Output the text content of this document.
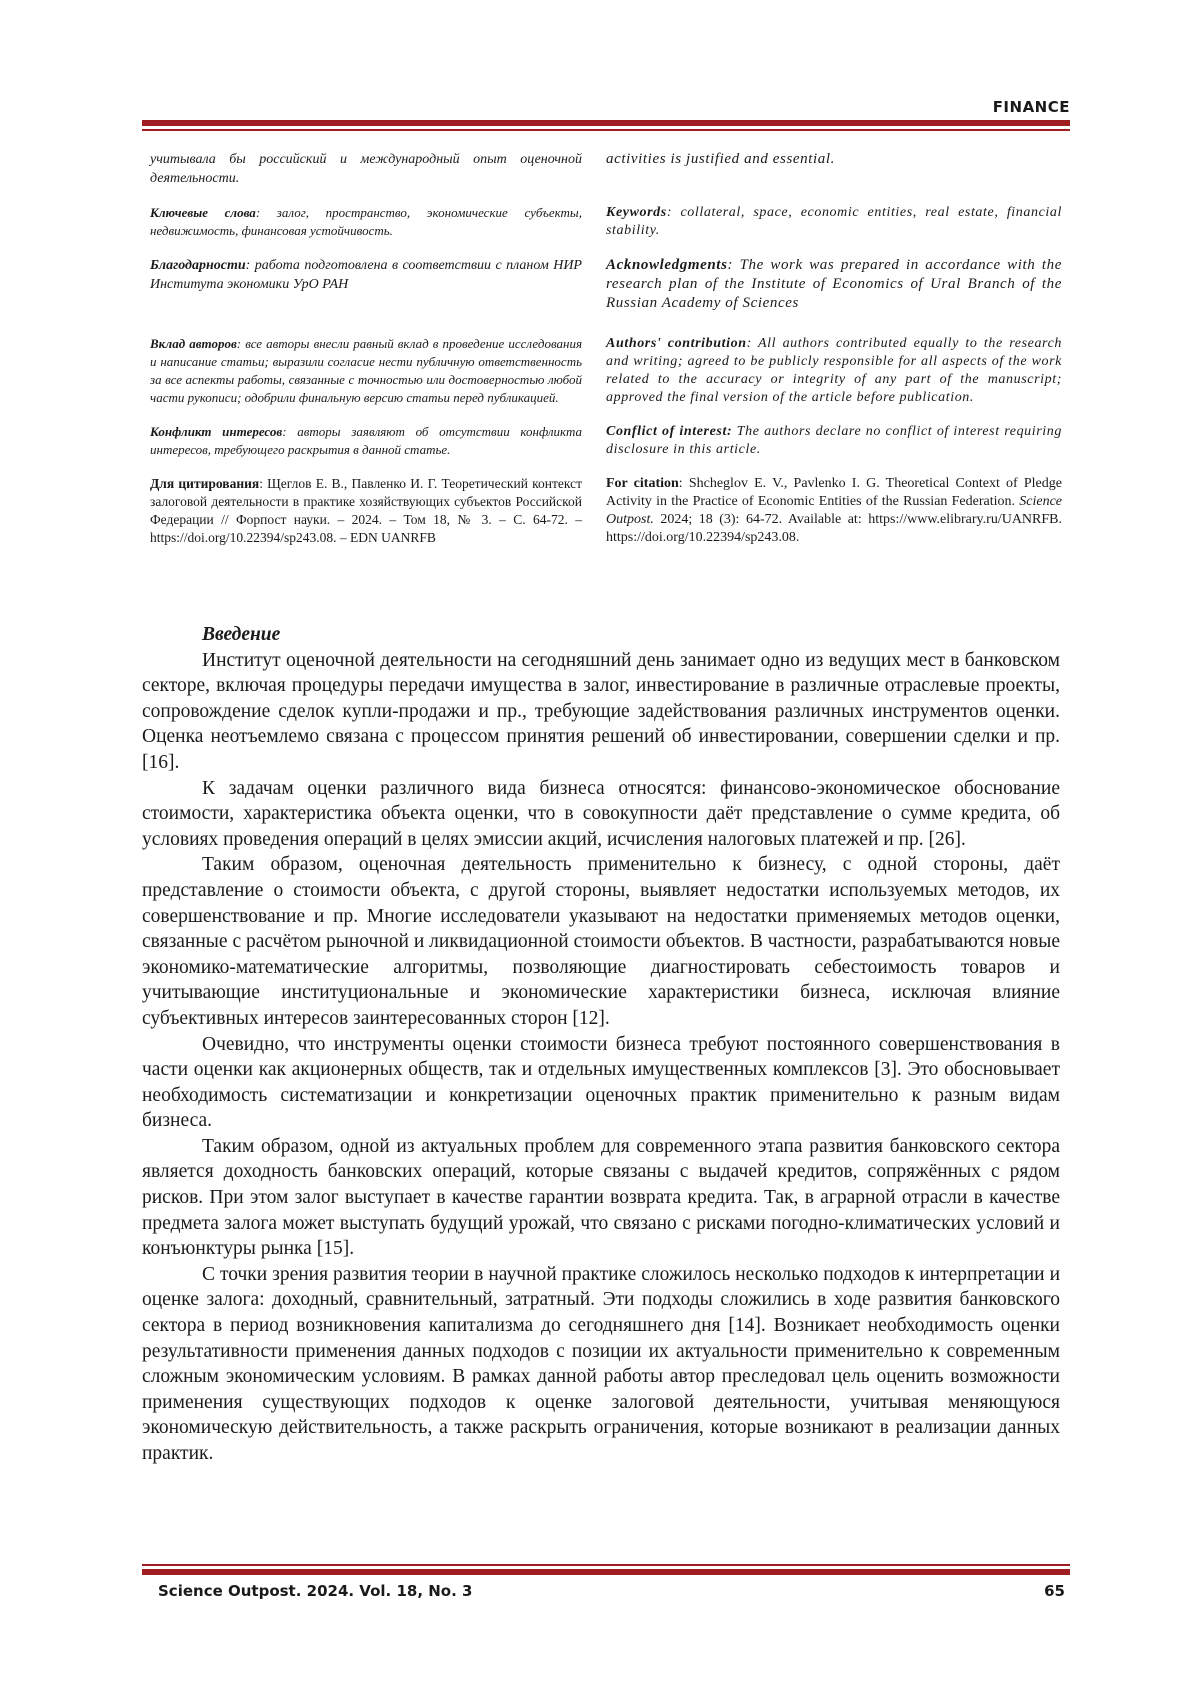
FINANCE
учитывала бы российский и международный опыт оценочной деятельности.
activities is justified and essential.
Ключевые слова: залог, пространство, экономические субъекты, недвижимость, финансовая устойчивость.
Keywords: collateral, space, economic entities, real estate, financial stability.
Благодарности: работа подготовлена в соответствии с планом НИР Института экономики УрО РАН
Acknowledgments: The work was prepared in accordance with the research plan of the Institute of Economics of Ural Branch of the Russian Academy of Sciences
Вклад авторов: все авторы внесли равный вклад в проведение исследования и написание статьи; выразили согласие нести публичную ответственность за все аспекты работы, связанные с точностью или достоверностью любой части рукописи; одобрили финальную версию статьи перед публикацией.
Authors' contribution: All authors contributed equally to the research and writing; agreed to be publicly responsible for all aspects of the work related to the accuracy or integrity of any part of the manuscript; approved the final version of the article before publication.
Конфликт интересов: авторы заявляют об отсутствии конфликта интересов, требующего раскрытия в данной статье.
Conflict of interest: The authors declare no conflict of interest requiring disclosure in this article.
Для цитирования: Щеглов Е. В., Павленко И. Г. Теоретический контекст залоговой деятельности в практике хозяйствующих субъектов Российской Федерации // Форпост науки. – 2024. – Том 18, № 3. – С. 64-72. – https://doi.org/10.22394/sp243.08. – EDN UANRFB
For citation: Shcheglov E. V., Pavlenko I. G. Theoretical Context of Pledge Activity in the Practice of Economic Entities of the Russian Federation. Science Outpost. 2024; 18 (3): 64-72. Available at: https://www.elibrary.ru/UANRFB. https://doi.org/10.22394/sp243.08.
Введение

Институт оценочной деятельности на сегодняшний день занимает одно из ведущих мест в банковском секторе, включая процедуры передачи имущества в залог, инвестирование в различные отраслевые проекты, сопровождение сделок купли-продажи и пр., требующие задействования различных инструментов оценки. Оценка неотъемлемо связана с процессом принятия решений об инвестировании, совершении сделки и пр. [16].

К задачам оценки различного вида бизнеса относятся: финансово-экономическое обоснование стоимости, характеристика объекта оценки, что в совокупности даёт представление о сумме кредита, об условиях проведения операций в целях эмиссии акций, исчисления налоговых платежей и пр. [26].

Таким образом, оценочная деятельность применительно к бизнесу, с одной стороны, даёт представление о стоимости объекта, с другой стороны, выявляет недостатки используемых методов, их совершенствование и пр. Многие исследователи указывают на недостатки применяемых методов оценки, связанные с расчётом рыночной и ликвидационной стоимости объектов. В частности, разрабатываются новые экономико-математические алгоритмы, позволяющие диагностировать себестоимость товаров и учитывающие институциональные и экономические характеристики бизнеса, исключая влияние субъективных интересов заинтересованных сторон [12].

Очевидно, что инструменты оценки стоимости бизнеса требуют постоянного совершенствования в части оценки как акционерных обществ, так и отдельных имущественных комплексов [3]. Это обосновывает необходимость систематизации и конкретизации оценочных практик применительно к разным видам бизнеса.

Таким образом, одной из актуальных проблем для современного этапа развития банковского сектора является доходность банковских операций, которые связаны с выдачей кредитов, сопряжённых с рядом рисков. При этом залог выступает в качестве гарантии возврата кредита. Так, в аграрной отрасли в качестве предмета залога может выступать будущий урожай, что связано с рисками погодно-климатических условий и конъюнктуры рынка [15].

С точки зрения развития теории в научной практике сложилось несколько подходов к интерпретации и оценке залога: доходный, сравнительный, затратный. Эти подходы сложились в ходе развития банковского сектора в период возникновения капитализма до сегодняшнего дня [14]. Возникает необходимость оценки результативности применения данных подходов с позиции их актуальности применительно к современным сложным экономическим условиям. В рамках данной работы автор преследовал цель оценить возможности применения существующих подходов к оценке залоговой деятельности, учитывая меняющуюся экономическую действительность, а также раскрыть ограничения, которые возникают в реализации данных практик.

Science Outpost. 2024. Vol. 18, No. 3	65
